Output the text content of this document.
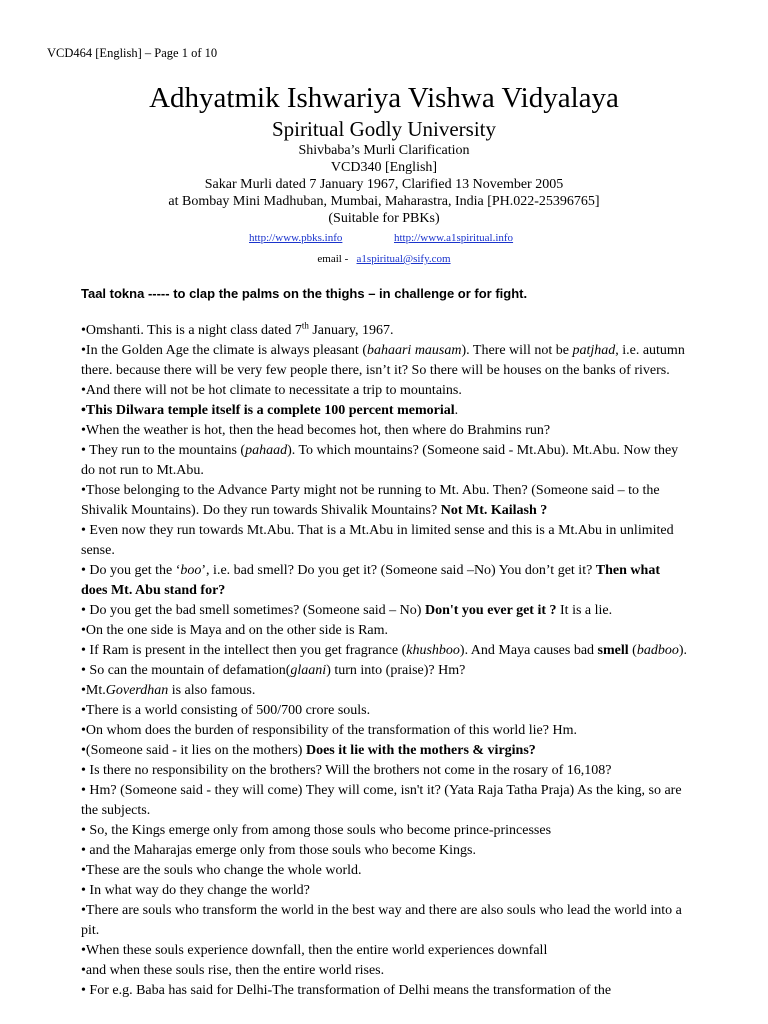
VCD464 [English] – Page 1 of 10
Adhyatmik Ishwariya Vishwa Vidyalaya
Spiritual Godly University
Shivbaba’s Murli Clarification
VCD340 [English]
Sakar Murli dated 7 January 1967, Clarified 13 November 2005
at Bombay Mini Madhuban, Mumbai, Maharastra, India [PH.022-25396765]
(Suitable for PBKs)
http://www.pbks.info	http://www.a1spiritual.info
email - a1spiritual@sify.com
Taal tokna ----- to clap the palms on the thighs – in challenge or for fight.

•Omshanti. This is a night class dated 7th January, 1967.

•In the Golden Age the climate is always pleasant (bahaari mausam). There will not be patjhad, i.e. autumn there. because there will be very few people there, isn’t it? So there will be houses on the banks of rivers.

•And there will not be hot climate to necessitate a trip to mountains.

•This Dilwara temple itself is a complete 100 percent memorial.

•When the weather is hot, then the head becomes hot, then where do Brahmins run?

• They run to the mountains (pahaad). To which mountains? (Someone said - Mt.Abu). Mt.Abu. Now they do not run to Mt.Abu.

•Those belonging to the Advance Party might not be running to Mt. Abu. Then? (Someone said – to the Shivalik Mountains). Do they run towards Shivalik Mountains? Not Mt. Kailash ?

• Even now they run towards Mt.Abu. That is a Mt.Abu in limited sense and this is a Mt.Abu in unlimited sense.

• Do you get the ‘boo’, i.e. bad smell? Do you get it? (Someone said –No) You don’t get it? Then what does Mt. Abu stand for?

• Do you get the bad smell sometimes? (Someone said – No) Don't you ever get it ? It is a lie.

•On the one side is Maya and on the other side is Ram.

• If Ram is present in the intellect then you get fragrance (khushboo). And Maya causes bad smell (badboo).

• So can the mountain of defamation(glaani) turn into (praise)? Hm?

•Mt.Goverdhan is also famous.

•There is a world consisting of 500/700 crore souls.

•On whom does the burden of responsibility of the transformation of this world lie? Hm.

•(Someone said - it lies on the mothers) Does it lie with the mothers & virgins?

• Is there no responsibility on the brothers? Will the brothers not come in the rosary of 16,108?

• Hm? (Someone said - they will come) They will come, isn't it? (Yata Raja Tatha Praja) As the king, so are the subjects.

• So, the Kings emerge only from among those souls who become prince-princesses

• and the Maharajas emerge only from those souls who become Kings.

•These are the souls who change the whole world.

• In what way do they change the world?

•There are souls who transform the world in the best way and there are also souls who lead the world into a pit.

•When these souls experience downfall, then the entire world experiences downfall

•and when these souls rise, then the entire world rises.

• For e.g. Baba has said for Delhi-The transformation of Delhi means the transformation of the
